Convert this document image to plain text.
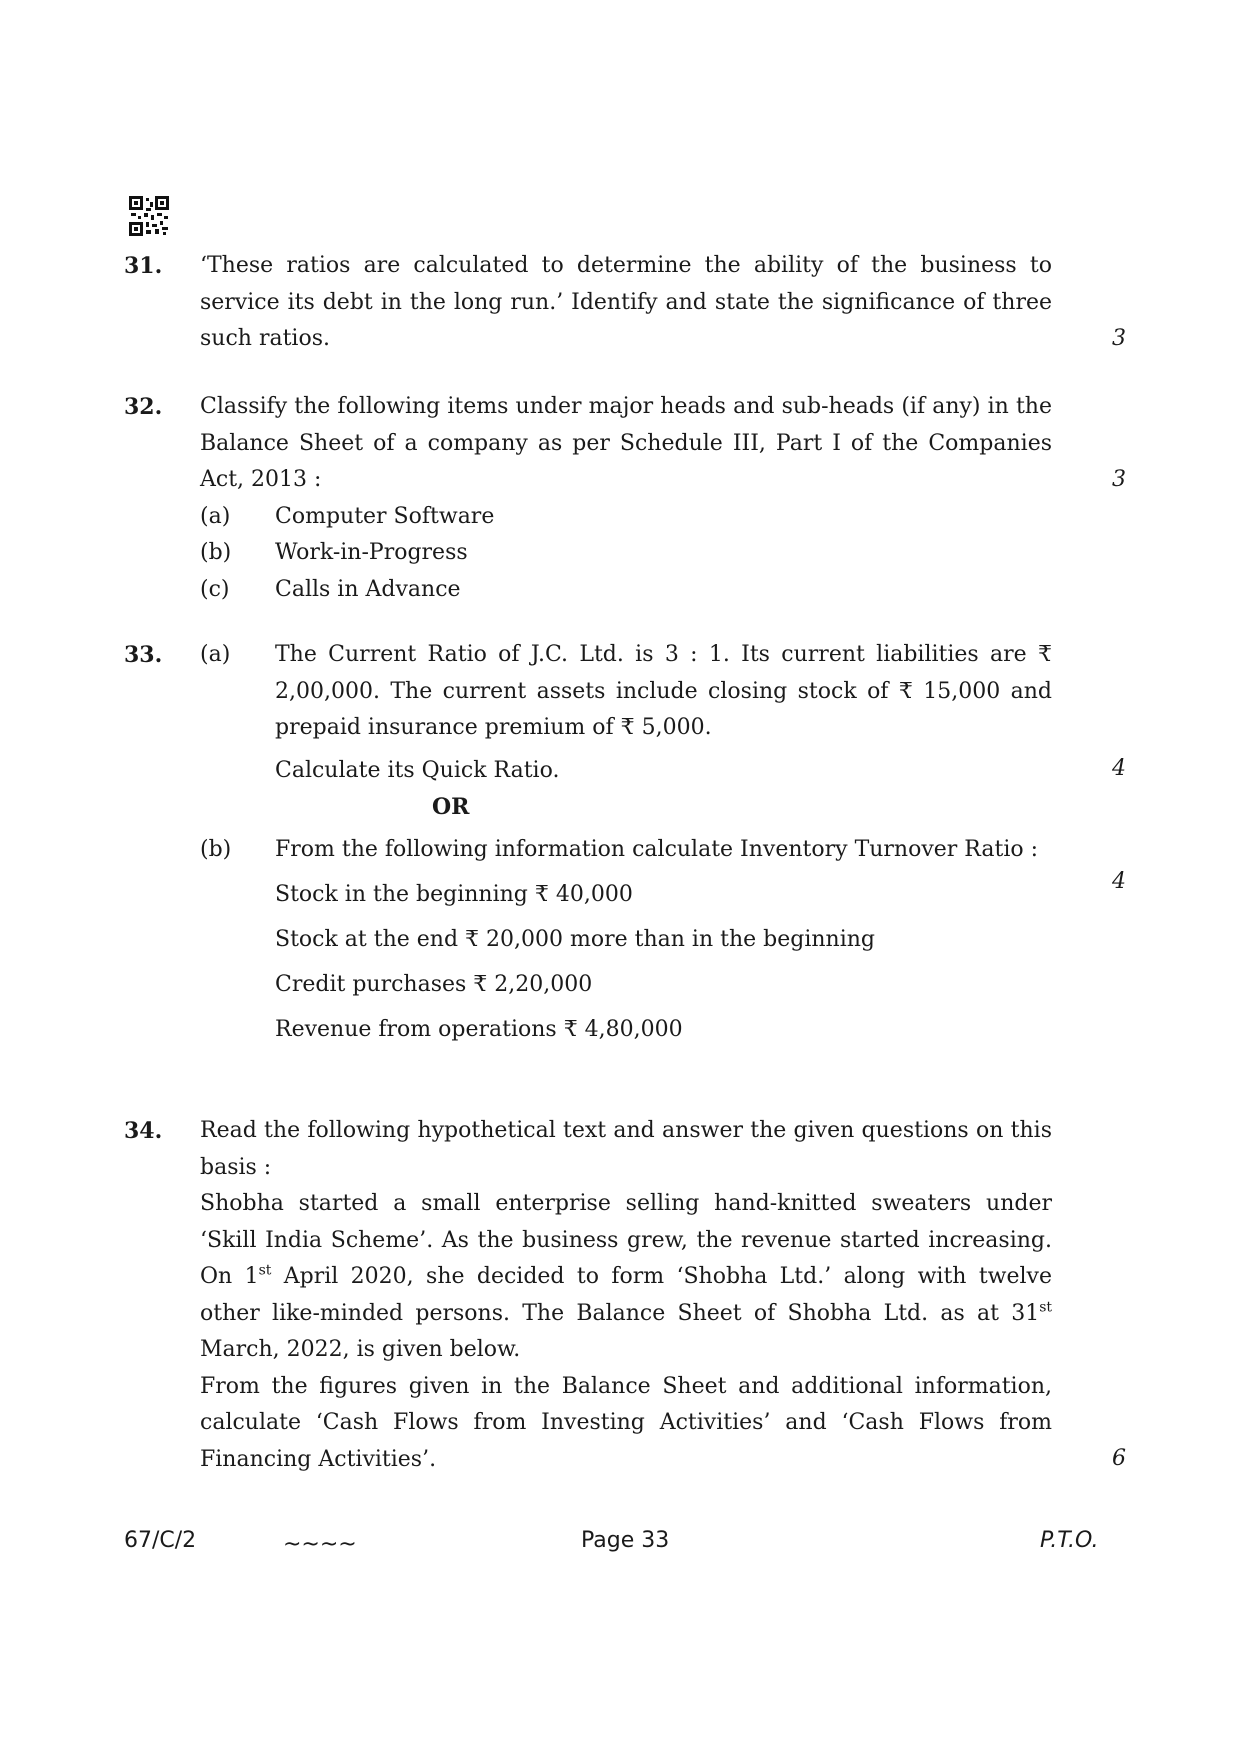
31. ‘These ratios are calculated to determine the ability of the business to service its debt in the long run.’ Identify and state the significance of three such ratios.	3
32. Classify the following items under major heads and sub-heads (if any) in the Balance Sheet of a company as per Schedule III, Part I of the Companies Act, 2013 :

(a) Computer Software
(b) Work-in-Progress
(c) Calls in Advance
3
33. (a) The Current Ratio of J.C. Ltd. is 3 : 1. Its current liabilities are ₹ 2,00,000. The current assets include closing stock of ₹ 15,000 and prepaid insurance premium of ₹ 5,000.

Calculate its Quick Ratio.

OR
(b) From the following information calculate Inventory Turnover Ratio :

Stock in the beginning ₹ 40,000

Stock at the end ₹ 20,000 more than in the beginning

Credit purchases ₹ 2,20,000

Revenue from operations ₹ 4,80,000

4
4
34. Read the following hypothetical text and answer the given questions on this basis :

Shobha started a small enterprise selling hand-knitted sweaters under ‘Skill India Scheme’. As the business grew, the revenue started increasing. On 1st April 2020, she decided to form ‘Shobha Ltd.’ along with twelve other like-minded persons. The Balance Sheet of Shobha Ltd. as at 31st March, 2022, is given below.

From the figures given in the Balance Sheet and additional information, calculate ‘Cash Flows from Investing Activities’ and ‘Cash Flows from Financing Activities’.	6
67/C/2	~~~~	Page 33	P.T.O.
